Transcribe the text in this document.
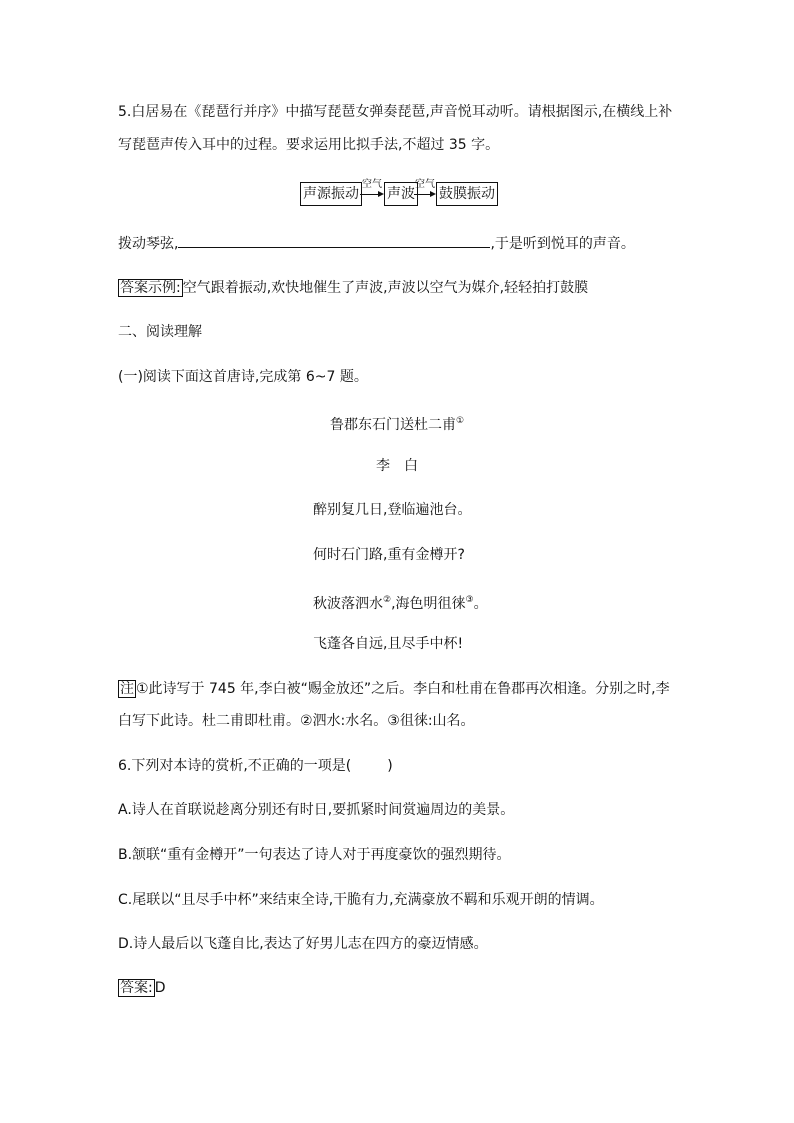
5.白居易在《琵琶行并序》中描写琵琶女弹奏琵琶,声音悦耳动听。请根据图示,在横线上补
写琵琶声传入耳中的过程。要求运用比拟手法,不超过 35 字。
声源振动
空气
声波
空气
鼓膜振动
拨动琴弦,	,于是听到悦耳的声音。
答案示例: 空气跟着振动,欢快地催生了声波,声波以空气为媒介,轻轻拍打鼓膜
二、阅读理解
(一)阅读下面这首唐诗,完成第 6~7 题。
鲁郡东石门送杜二甫①
李　白
醉别复几日,登临遍池台。
何时石门路,重有金樽开?
秋波落泗水②,海色明徂徕③。
飞蓬各自远,且尽手中杯!
注 ①此诗写于 745 年,李白被“赐金放还”之后。李白和杜甫在鲁郡再次相逢。分别之时,李
白写下此诗。杜二甫即杜甫。②泗水:水名。③徂徕:山名。
6.下列对本诗的赏析,不正确的一项是(	)
A.诗人在首联说趁离分别还有时日,要抓紧时间赏遍周边的美景。
B.颔联“重有金樽开”一句表达了诗人对于再度豪饮的强烈期待。
C.尾联以“且尽手中杯”来结束全诗,干脆有力,充满豪放不羁和乐观开朗的情调。
D.诗人最后以飞蓬自比,表达了好男儿志在四方的豪迈情感。
答案: D
